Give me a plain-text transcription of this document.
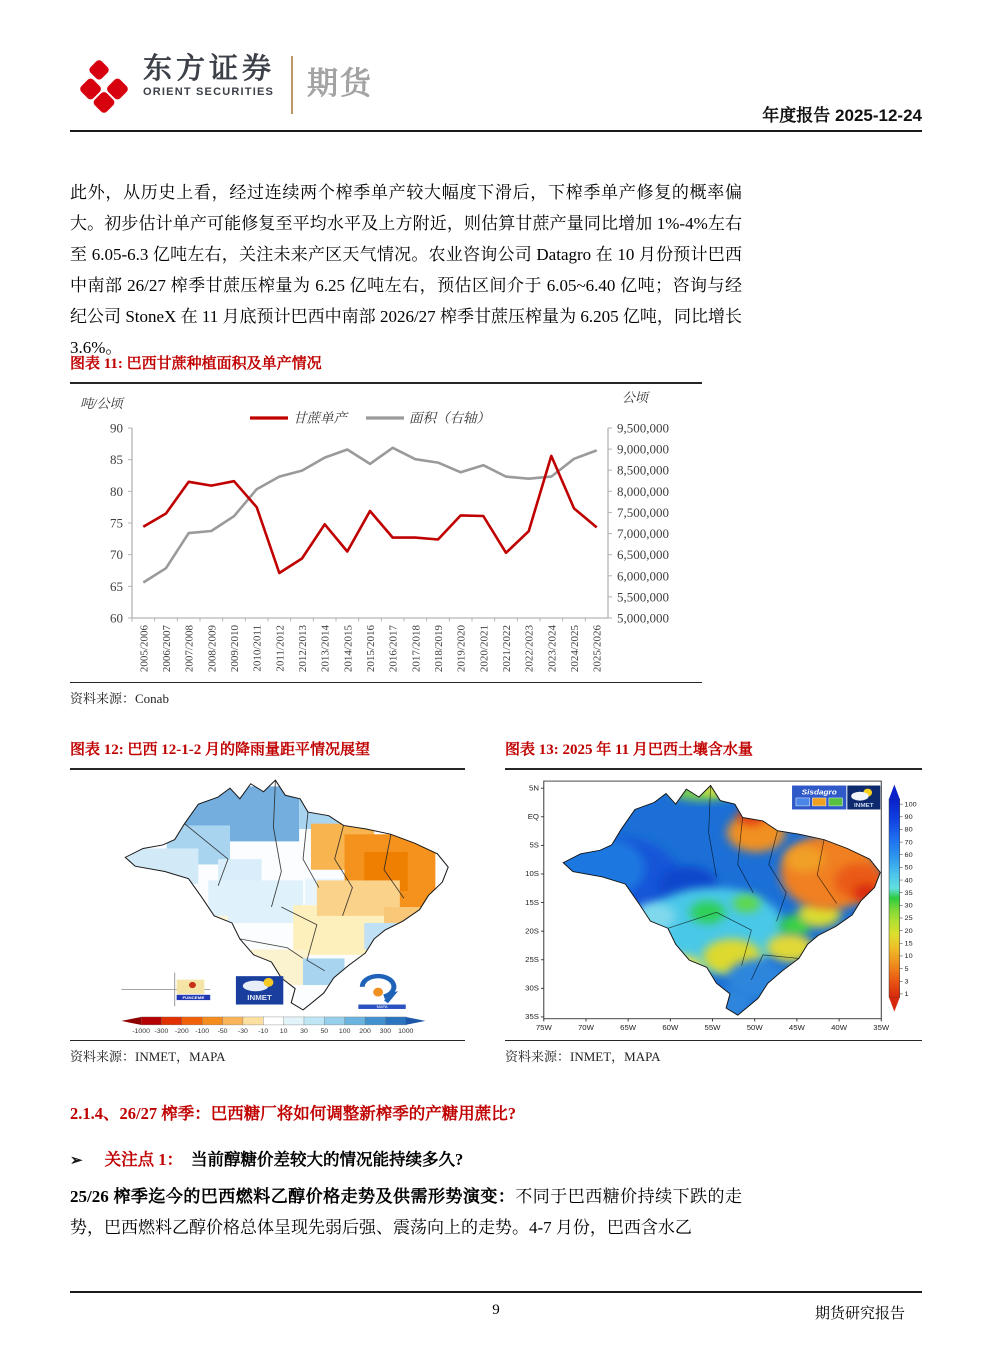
东方证券
ORIENT SECURITIES 期货
年度报告 2025-12-24
此外，从历史上看，经过连续两个榨季单产较大幅度下滑后，下榨季单产修复的概率偏大。初步估计单产可能修复至平均水平及上方附近，则估算甘蔗产量同比增加 1%-4%左右至 6.05-6.3 亿吨左右，关注未来产区天气情况。农业咨询公司 Datagro 在 10 月份预计巴西中南部 26/27 榨季甘蔗压榨量为 6.25 亿吨左右，预估区间介于 6.05~6.40 亿吨；咨询与经纪公司 StoneX 在 11 月底预计巴西中南部 2026/27 榨季甘蔗压榨量为 6.205 亿吨，同比增长 3.6%。
图表 11: 巴西甘蔗种植面积及单产情况
60
65
70
75
80
85
90
5,000,000
5,500,000
6,000,000
6,500,000
7,000,000
7,500,000
8,000,000
8,500,000
9,000,000
9,500,000
2005/2006 2006/2007 2007/2008 2008/2009 2009/2010 2010/2011 2011/2012 2012/2013 2013/2014 2014/2015 2015/2016 2016/2017 2017/2018 2018/2019 2019/2020 2020/2021 2021/2022 2022/2023 2023/2024 2024/2025 2025/2026
吨/公顷	公顷
甘蔗单产	面积（右轴）
资料来源：Conab
图表 12: 巴西 12-1-2 月的降雨量距平情况展望
FUNCEME	INMET
MAPA
-1000 -300 -200 -100 -50 -30 -10 10 30 50 100 200 300 1000
资料来源：INMET，MAPA
图表 13: 2025 年 11 月巴西土壤含水量
5N
EQ
5S
10S
15S
20S
25S
30S
35S
75W	70W	65W	60W	55W	50W	45W	40W	35W
Sisdagro
INMET	100
90
80
70
60
50
40
35
30
25
20
15
10
5
3
1
资料来源：INMET，MAPA
2.1.4、26/27 榨季：巴西糖厂将如何调整新榨季的产糖用蔗比?
➢ 关注点 1： 当前醇糖价差较大的情况能持续多久?
25/26 榨季迄今的巴西燃料乙醇价格走势及供需形势演变：不同于巴西糖价持续下跌的走势，巴西燃料乙醇价格总体呈现先弱后强、震荡向上的走势。4-7 月份，巴西含水乙
9	期货研究报告
